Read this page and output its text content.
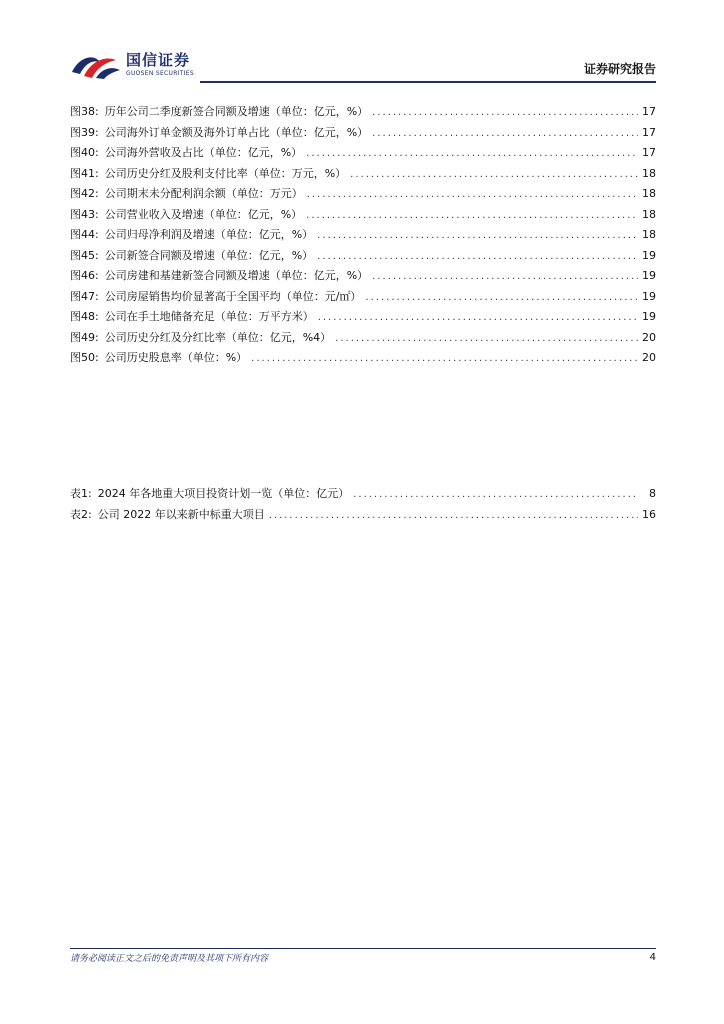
国信证券
GUOSEN SECURITIES	证券研究报告
图38: 历年公司二季度新签合同额及增速（单位：亿元，%） .....	17
图39: 公司海外订单金额及海外订单占比（单位：亿元，%） .....	17
图40: 公司海外营收及占比（单位：亿元，%） .....	17
图41: 公司历史分红及股利支付比率（单位：万元，%） .....	18
图42: 公司期末未分配利润余额（单位：万元） .....	18
图43: 公司营业收入及增速（单位：亿元，%） .....	18
图44: 公司归母净利润及增速（单位：亿元，%） .....	18
图45: 公司新签合同额及增速（单位：亿元，%） .....	19
图46: 公司房建和基建新签合同额及增速（单位：亿元，%） .....	19
图47: 公司房屋销售均价显著高于全国平均（单位：元/㎡） .....	19
图48: 公司在手土地储备充足（单位：万平方米） .....	19
图49: 公司历史分红及分红比率（单位：亿元，%4） .....	20
图50: 公司历史股息率（单位：%） .....	20
表1: 2024 年各地重大项目投资计划一览（单位：亿元） .....	8
表2: 公司 2022 年以来新中标重大项目 .....	16
请务必阅读正文之后的免责声明及其项下所有内容	4
